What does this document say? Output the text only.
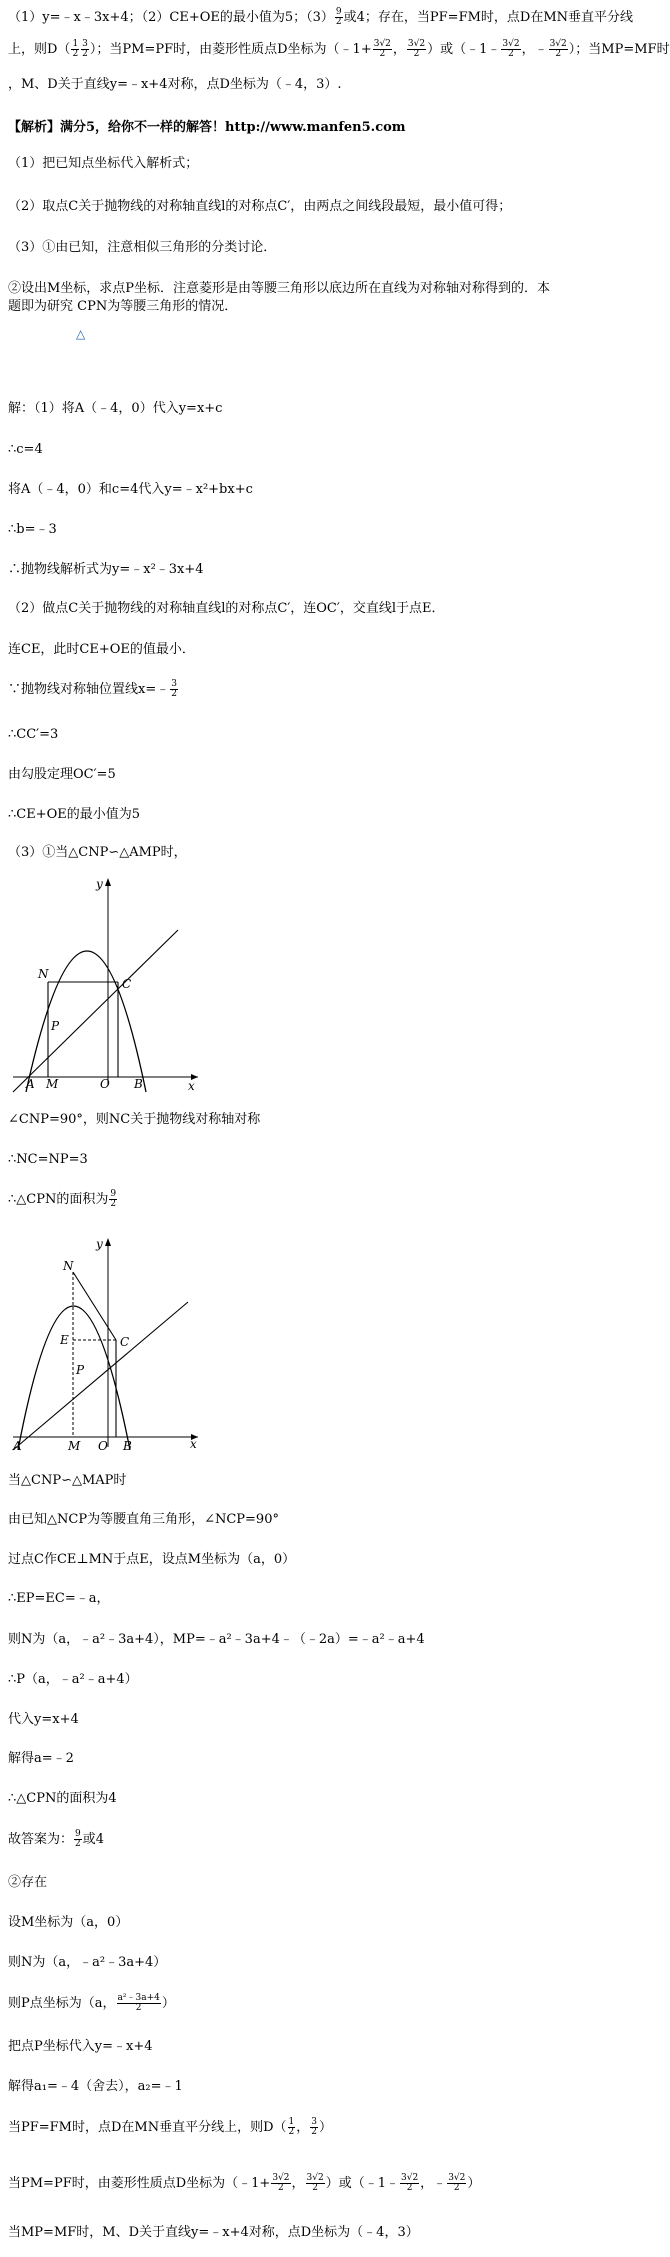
（1）y=﹣x﹣3x+4；（2）CE+OE的最小值为5；$(3) \frac{9}{2}$ 或4；存在，当PF=FM时，点D在MN垂直平分线
上，则$D( \frac{1}{2} \frac{3}{2}$ ）；当PM=PF时，由菱形性质点D坐标为（﹣1+ $\frac{3√2}{2}$ ， $\frac{3√2}{2}$ ）或（﹣1﹣ $\frac{3√2}{2}$ ，﹣ $\frac{3√2}{2}$ ）；当MP=MF时
，M、D关于直线y=﹣x+4对称，点D坐标为（﹣4，3）.
【解析】满分5，给你不一样的解答！http://www.manfen5.com
（1）把已知点坐标代入解析式；
（2）取点C关于抛物线的对称轴直线l的对称点C′，由两点之间线段最短，最小值可得；
（3）①由已知，注意相似三角形的分类讨论．
②设出M坐标，求点P坐标．注意菱形是由等腰三角形以底边所在直线为对称轴对称得到的．本
题即为研究 CPN为等腰三角形的情况．
△
解：（1）将A（﹣4，0）代入y=x+c
∴c=4
将A（﹣4，0）和c=4代入y=﹣x²+bx+c
∴b=﹣3
∴抛物线解析式为y=﹣x²﹣3x+4
（2）做点C关于抛物线的对称轴直线l的对称点C′，连OC′，交直线l于点E．
连CE，此时CE+OE的值最小．
∵抛物线对称轴位置线x=﹣ $\frac{3}{2}$
∴CC′=3
由勾股定理OC′=5
∴CE+OE的最小值为5
（3）①当△CNP∽△AMP时，
N
C
P
A M	O B
y
x
∠CNP=90°，则NC关于抛物线对称轴对称
∴NC=NP=3
∴△CPN的面积为 $\frac{9}{2}$
N
E	C
P
A	M O B
y
x
当△CNP∽△MAP时
由已知△NCP为等腰直角三角形，∠NCP=90°
过点C作CE⊥MN于点E，设点M坐标为（a，0）
∴EP=EC=﹣a，
则N为（a，﹣a²﹣3a+4），MP=﹣a²﹣3a+4﹣（﹣2a）=﹣a²﹣a+4
∴P（a，﹣a²﹣a+4）
代入y=x+4
解得a=﹣2
∴△CPN的面积为4
故答案为： $\frac{9}{2}$ 或4
②存在
设M坐标为（a，0）
则N为（a，﹣a²﹣3a+4）
则P点坐标为（a， $\frac{\text{a²﹣3a+4}}{2}$ ）
把点P坐标代入y=﹣x+4
解得a₁=﹣4（舍去），a₂=﹣1
当PF=FM时，点D在MN垂直平分线上，则$D( \frac{1}{2}$ ， $\frac{3}{2}$ ）
当PM=PF时，由菱形性质点D坐标为（﹣1+ $\frac{3√2}{2}$ ， $\frac{3√2}{2}$ ）或（﹣1﹣ $\frac{3√2}{2}$ ，﹣ $\frac{3√2}{2}$ ）
当MP=MF时，M、D关于直线y=﹣x+4对称，点D坐标为（﹣4，3）
